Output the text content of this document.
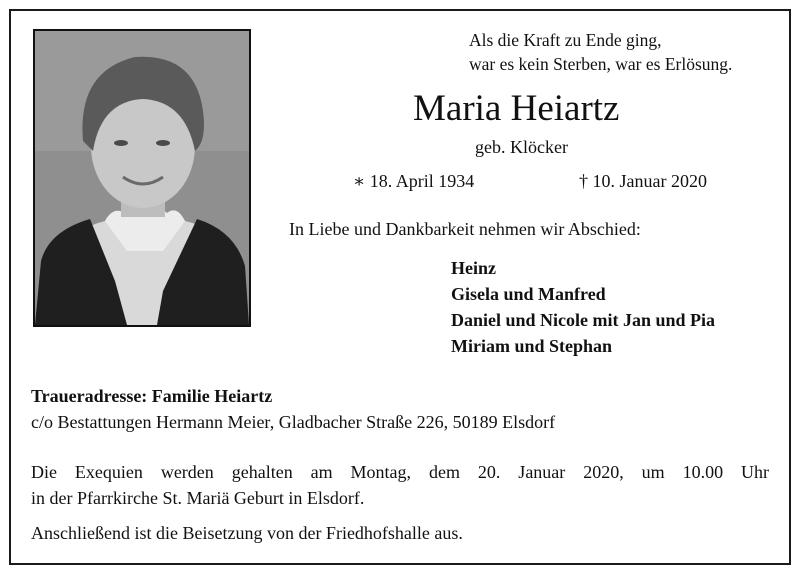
Als die Kraft zu Ende ging,
war es kein Sterben, war es Erlösung.
Maria Heiartz
geb. Klöcker
∗ 18. April 1934	† 10. Januar 2020
In Liebe und Dankbarkeit nehmen wir Abschied:
Heinz
Gisela und Manfred
Daniel und Nicole mit Jan und Pia
Miriam und Stephan
Traueradresse: Familie Heiartz
c/o Bestattungen Hermann Meier, Gladbacher Straße 226, 50189 Elsdorf
Die Exequien werden gehalten am Montag, dem 20. Januar 2020, um 10.00 Uhr
in der Pfarrkirche St. Mariä Geburt in Elsdorf.
Anschließend ist die Beisetzung von der Friedhofshalle aus.
